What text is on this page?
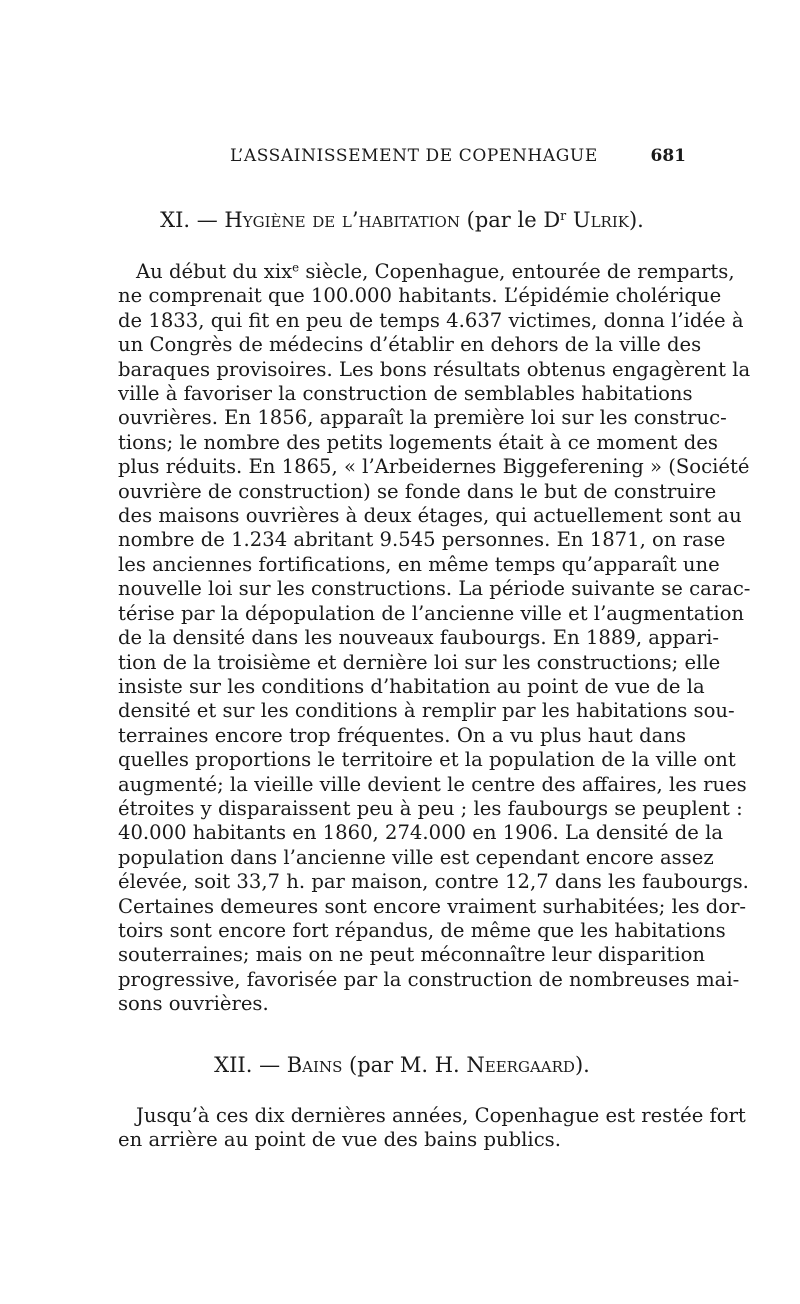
L’ASSAINISSEMENT DE COPENHAGUE	681
XI. — Hygiène de l’habitation (par le $D^r$ Ulrik).
Au début du xix$^e$ siècle, Copenhague, entourée de remparts,
ne comprenait que 100.000 habitants. L’épidémie cholérique
de 1833, qui fit en peu de temps 4.637 victimes, donna l’idée à
un Congrès de médecins d’établir en dehors de la ville des
baraques provisoires. Les bons résultats obtenus engagèrent la
ville à favoriser la construction de semblables habitations
ouvrières. En 1856, apparaît la première loi sur les construc-
tions; le nombre des petits logements était à ce moment des
plus réduits. En 1865, « l’Arbeidernes Biggeferening » (Société
ouvrière de construction) se fonde dans le but de construire
des maisons ouvrières à deux étages, qui actuellement sont au
nombre de 1.234 abritant 9.545 personnes. En 1871, on rase
les anciennes fortifications, en même temps qu’apparaît une
nouvelle loi sur les constructions. La période suivante se carac-
térise par la dépopulation de l’ancienne ville et l’augmentation
de la densité dans les nouveaux faubourgs. En 1889, appari-
tion de la troisième et dernière loi sur les constructions; elle
insiste sur les conditions d’habitation au point de vue de la
densité et sur les conditions à remplir par les habitations sou-
terraines encore trop fréquentes. On a vu plus haut dans
quelles proportions le territoire et la population de la ville ont
augmenté; la vieille ville devient le centre des affaires, les rues
étroites y disparaissent peu à peu ; les faubourgs se peuplent :
40.000 habitants en 1860, 274.000 en 1906. La densité de la
population dans l’ancienne ville est cependant encore assez
élevée, soit 33,7 h. par maison, contre 12,7 dans les faubourgs.
Certaines demeures sont encore vraiment surhabitées; les dor-
toirs sont encore fort répandus, de même que les habitations
souterraines; mais on ne peut méconnaître leur disparition
progressive, favorisée par la construction de nombreuses mai-
sons ouvrières.
XII. — Bains (par M. H. Neergaard).
Jusqu’à ces dix dernières années, Copenhague est restée fort
en arrière au point de vue des bains publics.
